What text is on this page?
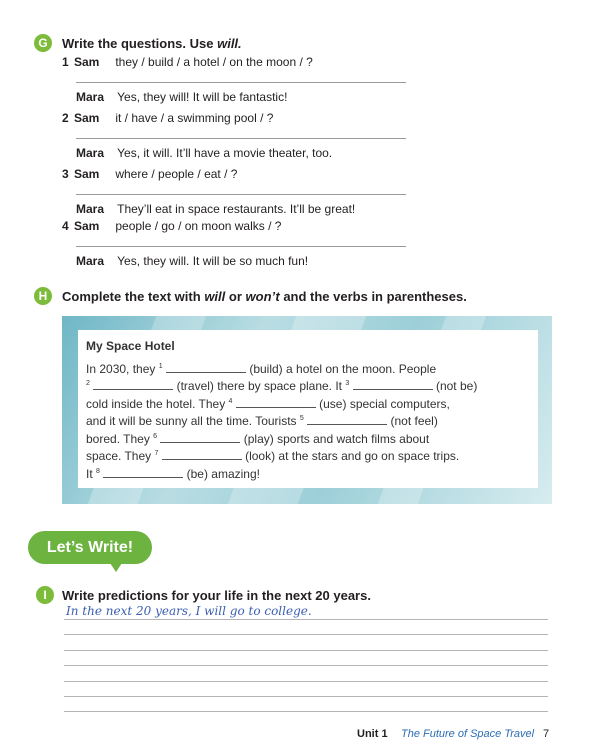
G	Write the questions. Use will.
1 Sam they / build / a hotel / on the moon / ?
Mara Yes, they will! It will be fantastic!
2 Sam it / have / a swimming pool / ?
Mara Yes, it will. It’ll have a movie theater, too.
3 Sam where / people / eat / ?
Mara They’ll eat in space restaurants. It’ll be great!
4 Sam people / go / on moon walks / ?
Mara Yes, they will. It will be so much fun!
H	Complete the text with will or won’t and the verbs in parentheses.
My Space Hotel
In 2030, they $^1$	(build) a hotel on the moon. People
$^2$	(travel) there by space plane. It $^3$	(not be)
cold inside the hotel. They $^4$	(use) special computers,
and it will be sunny all the time. Tourists $^5$	(not feel)
bored. They $^6$	(play) sports and watch films about
space. They $^7$	(look) at the stars and go on space trips.
It $^8$	(be) amazing!
Let’s Write!
I	Write predictions for your life in the next 20 years.
In the next 20 years, I will go to college.
Unit 1 The Future of Space Travel 7
